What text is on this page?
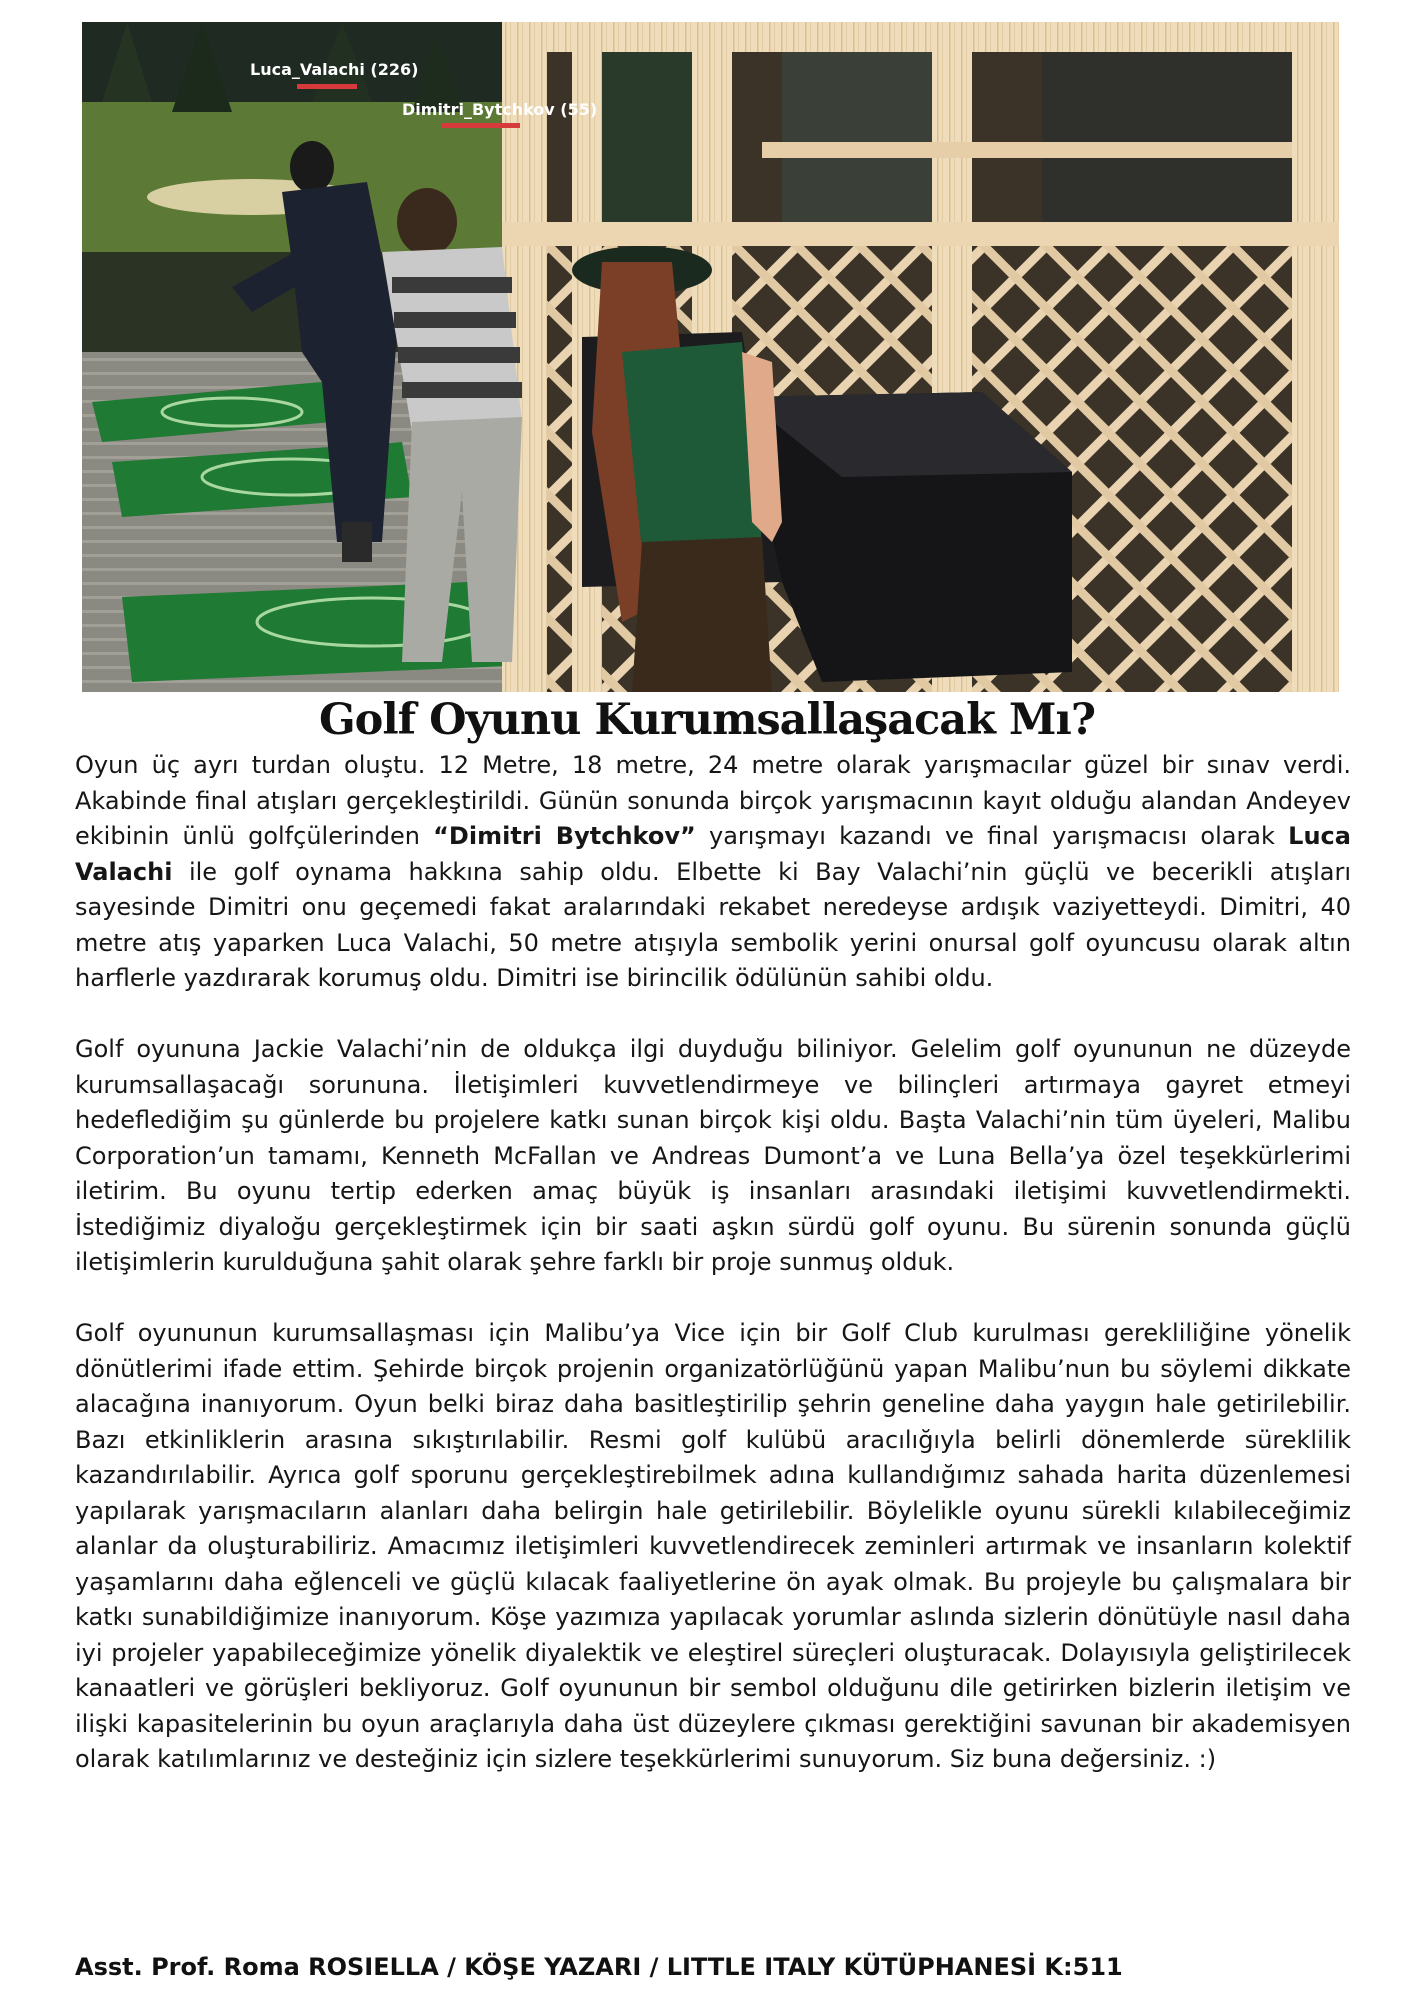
Luca_Valachi (226)
Dimitri_Bytchkov (55)
Golf Oyunu Kurumsallaşacak Mı?

Oyun üç ayrı turdan oluştu. 12 Metre, 18 metre, 24 metre olarak yarışmacılar güzel bir sınav verdi. Akabinde final atışları gerçekleştirildi. Günün sonunda birçok yarışmacının kayıt olduğu alandan Andeyev ekibinin ünlü golfçülerinden “Dimitri Bytchkov” yarışmayı kazandı ve final yarışmacısı olarak Luca Valachi ile golf oynama hakkına sahip oldu. Elbette ki Bay Valachi’nin güçlü ve becerikli atışları sayesinde Dimitri onu geçemedi fakat aralarındaki rekabet neredeyse ardışık vaziyetteydi. Dimitri, 40 metre atış yaparken Luca Valachi, 50 metre atışıyla sembolik yerini onursal golf oyuncusu olarak altın harflerle yazdırarak korumuş oldu. Dimitri ise birincilik ödülünün sahibi oldu.

Golf oyununa Jackie Valachi’nin de oldukça ilgi duyduğu biliniyor. Gelelim golf oyununun ne düzeyde kurumsallaşacağı sorununa. İletişimleri kuvvetlendirmeye ve bilinçleri artırmaya gayret etmeyi hedeflediğim şu günlerde bu projelere katkı sunan birçok kişi oldu. Başta Valachi’nin tüm üyeleri, Malibu Corporation’un tamamı, Kenneth McFallan ve Andreas Dumont’a ve Luna Bella’ya özel teşekkürlerimi iletirim. Bu oyunu tertip ederken amaç büyük iş insanları arasındaki iletişimi kuvvetlendirmekti. İstediğimiz diyaloğu gerçekleştirmek için bir saati aşkın sürdü golf oyunu. Bu sürenin sonunda güçlü iletişimlerin kurulduğuna şahit olarak şehre farklı bir proje sunmuş olduk.

Golf oyununun kurumsallaşması için Malibu’ya Vice için bir Golf Club kurulması gerekliliğine yönelik dönütlerimi ifade ettim. Şehirde birçok projenin organizatörlüğünü yapan Malibu’nun bu söylemi dikkate alacağına inanıyorum. Oyun belki biraz daha basitleştirilip şehrin geneline daha yaygın hale getirilebilir. Bazı etkinliklerin arasına sıkıştırılabilir. Resmi golf kulübü aracılığıyla belirli dönemlerde süreklilik kazandırılabilir. Ayrıca golf sporunu gerçekleştirebilmek adına kullandığımız sahada harita düzenlemesi yapılarak yarışmacıların alanları daha belirgin hale getirilebilir. Böylelikle oyunu sürekli kılabileceğimiz alanlar da oluşturabiliriz. Amacımız iletişimleri kuvvetlendirecek zeminleri artırmak ve insanların kolektif yaşamlarını daha eğlenceli ve güçlü kılacak faaliyetlerine ön ayak olmak. Bu projeyle bu çalışmalara bir katkı sunabildiğimize inanıyorum. Köşe yazımıza yapılacak yorumlar aslında sizlerin dönütüyle nasıl daha iyi projeler yapabileceğimize yönelik diyalektik ve eleştirel süreçleri oluşturacak. Dolayısıyla geliştirilecek kanaatleri ve görüşleri bekliyoruz. Golf oyununun bir sembol olduğunu dile getirirken bizlerin iletişim ve ilişki kapasitelerinin bu oyun araçlarıyla daha üst düzeylere çıkması gerektiğini savunan bir akademisyen olarak katılımlarınız ve desteğiniz için sizlere teşekkürlerimi sunuyorum. Siz buna değersiniz. :)

Asst. Prof. Roma ROSIELLA / KÖŞE YAZARI / LITTLE ITALY KÜTÜPHANESİ K:511
